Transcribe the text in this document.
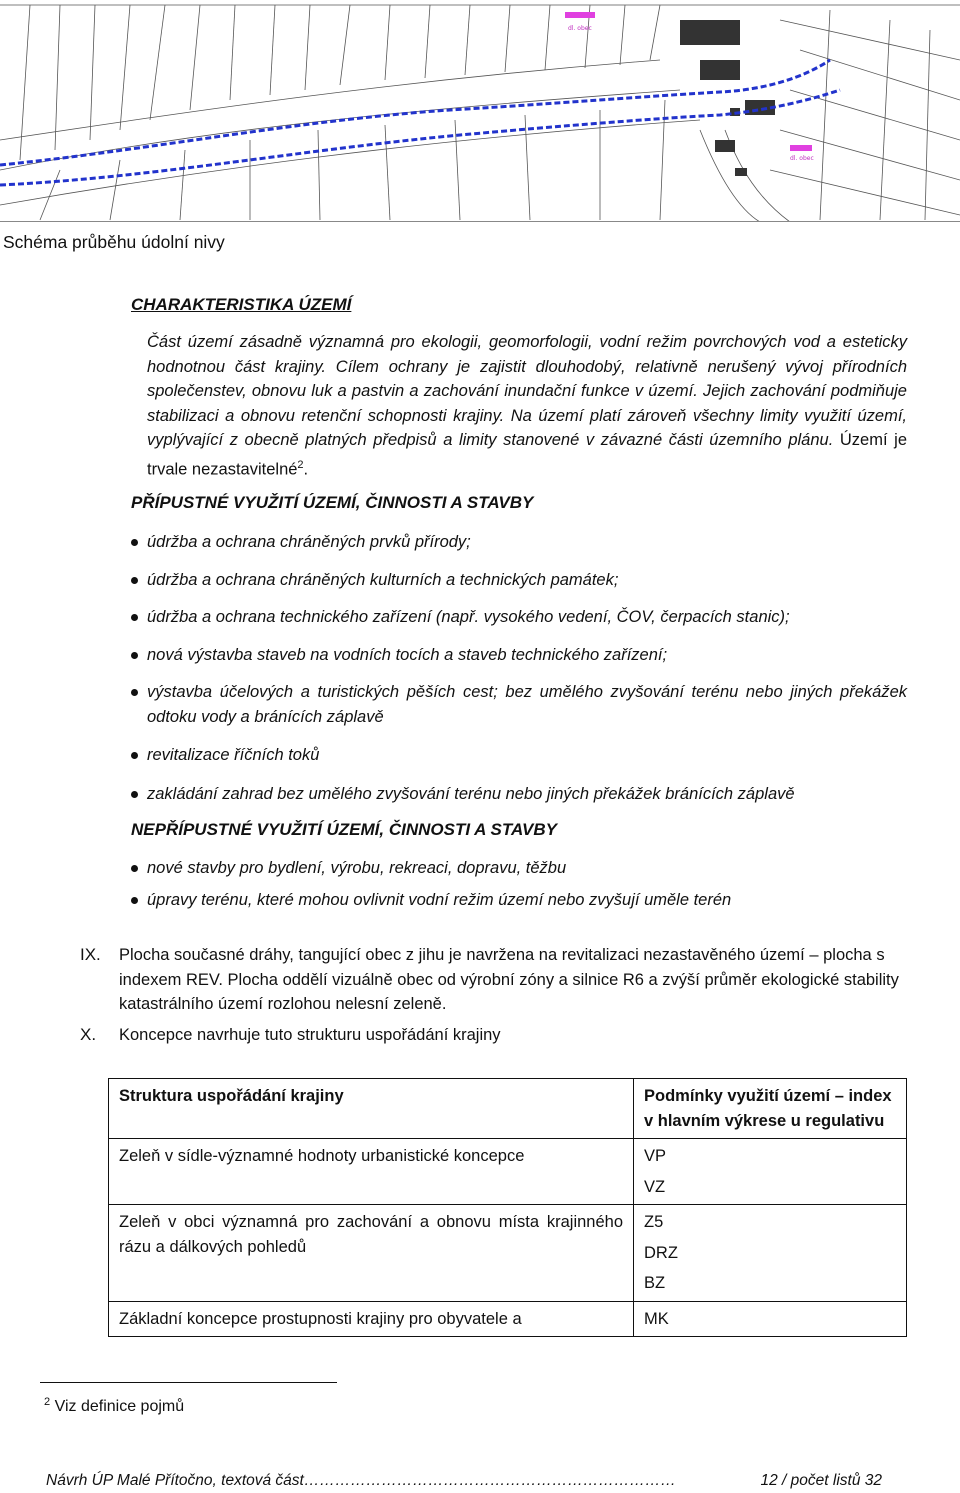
dl. obec
dl. obec
Schéma průběhu údolní nivy
CHARAKTERISTIKA ÚZEMÍ
Část území zásadně významná pro ekologii, geomorfologii, vodní režim povrchových vod a esteticky hodnotnou část krajiny. Cílem ochrany je zajistit dlouhodobý, relativně nerušený vývoj přírodních společenstev, obnovu luk a pastvin a zachování inundační funkce v území. Jejich zachování podmiňuje stabilizaci a obnovu retenční schopnosti krajiny. Na území platí zároveň všechny limity využití území, vyplývající z obecně platných předpisů a limity stanovené v závazné části územního plánu. Území je trvale nezastavitelné$^2$.
PŘÍPUSTNÉ VYUŽITÍ ÚZEMÍ, ČINNOSTI A STAVBY
údržba a ochrana chráněných prvků přírody;
údržba a ochrana chráněných kulturních a technických památek;
údržba a ochrana technického zařízení (např. vysokého vedení, ČOV, čerpacích stanic);
nová výstavba staveb na vodních tocích a staveb technického zařízení;
výstavba účelových a turistických pěších cest; bez umělého zvyšování terénu nebo jiných překážek odtoku vody a bránících záplavě
revitalizace říčních toků
zakládání zahrad bez umělého zvyšování terénu nebo jiných překážek bránících záplavě
NEPŘÍPUSTNÉ VYUŽITÍ ÚZEMÍ, ČINNOSTI A STAVBY
nové stavby pro bydlení, výrobu, rekreaci, dopravu, těžbu
úpravy terénu, které mohou ovlivnit vodní režim území nebo zvyšují uměle terén
IX. Plocha současné dráhy, tangující obec z jihu je navržena na revitalizaci nezastavěného území – plocha s indexem REV. Plocha oddělí vizuálně obec od výrobní zóny a silnice R6 a zvýší průměr ekologické stability katastrálního území rozlohou nelesní zeleně.
X. Koncepce navrhuje tuto strukturu uspořádání krajiny
Struktura uspořádání krajiny	Podmínky využití území – index v hlavním výkrese u regulativu
Zeleň v sídle-významné hodnoty urbanistické koncepce	VP
VZ

Zeleň v obci významná pro zachování a obnovu místa krajinného rázu a dálkových pohledů	Z5
DRZ
BZ

Základní koncepce prostupnosti krajiny pro obyvatele a	MK
$^2$ Viz definice pojmů
Návrh ÚP Malé Přítočno, textová část………………………………………………………………	12 / počet listů 32
